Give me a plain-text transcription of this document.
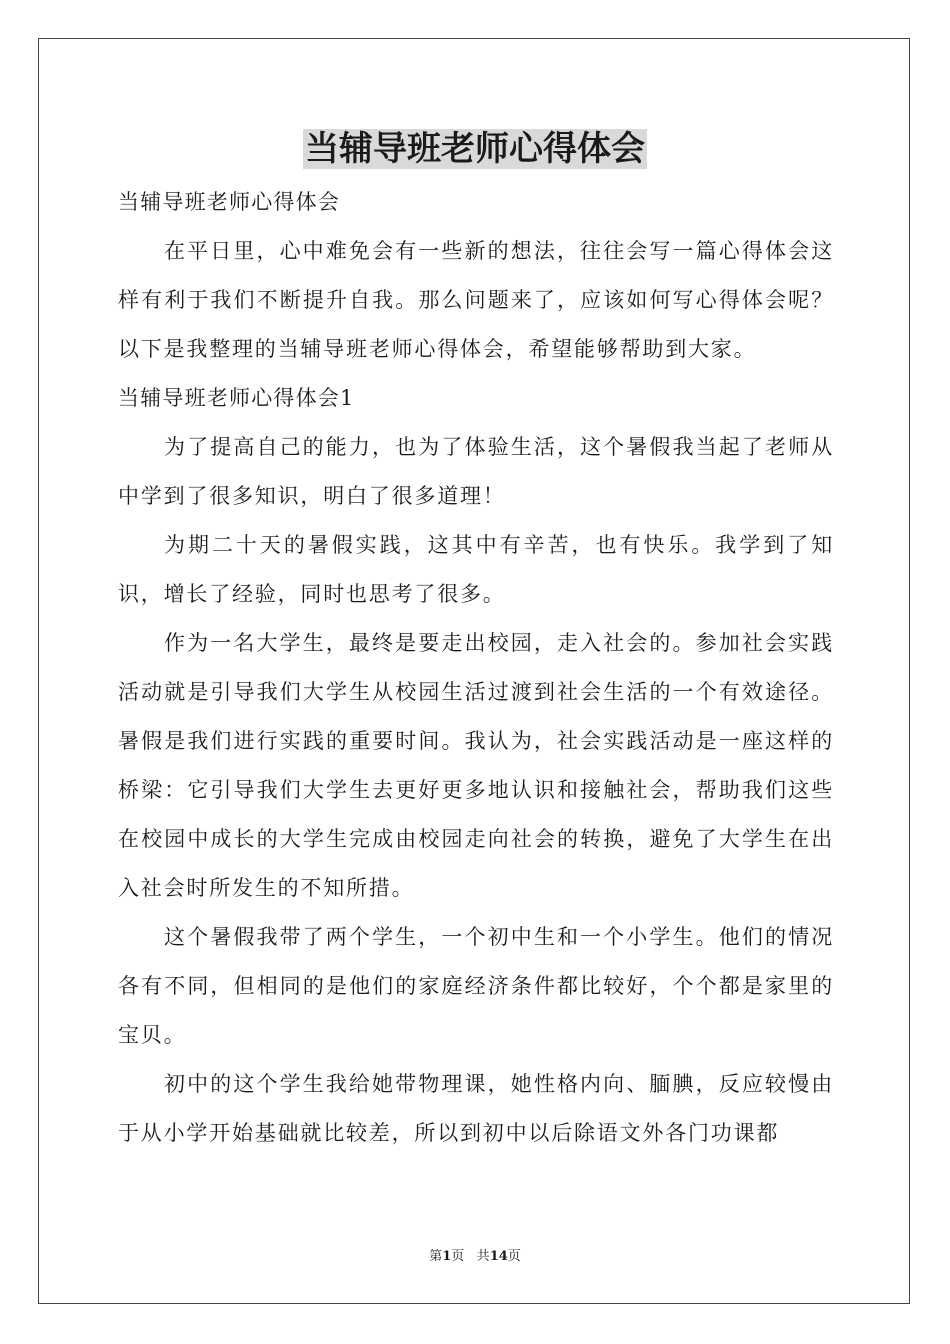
当辅导班老师心得体会

当辅导班老师心得体会

在平日里，心中难免会有一些新的想法，往往会写一篇心得体会这样有利于我们不断提升自我。那么问题来了，应该如何写心得体会呢？以下是我整理的当辅导班老师心得体会，希望能够帮助到大家。

当辅导班老师心得体会1

为了提高自己的能力，也为了体验生活，这个暑假我当起了老师从中学到了很多知识，明白了很多道理！

为期二十天的暑假实践，这其中有辛苦，也有快乐。我学到了知识，增长了经验，同时也思考了很多。

作为一名大学生，最终是要走出校园，走入社会的。参加社会实践活动就是引导我们大学生从校园生活过渡到社会生活的一个有效途径。暑假是我们进行实践的重要时间。我认为，社会实践活动是一座这样的桥梁：它引导我们大学生去更好更多地认识和接触社会，帮助我们这些在校园中成长的大学生完成由校园走向社会的转换，避免了大学生在出入社会时所发生的不知所措。

这个暑假我带了两个学生，一个初中生和一个小学生。他们的情况各有不同，但相同的是他们的家庭经济条件都比较好，个个都是家里的宝贝。

初中的这个学生我给她带物理课，她性格内向、腼腆，反应较慢由于从小学开始基础就比较差，所以到初中以后除语文外各门功课都

第1页 共14页
